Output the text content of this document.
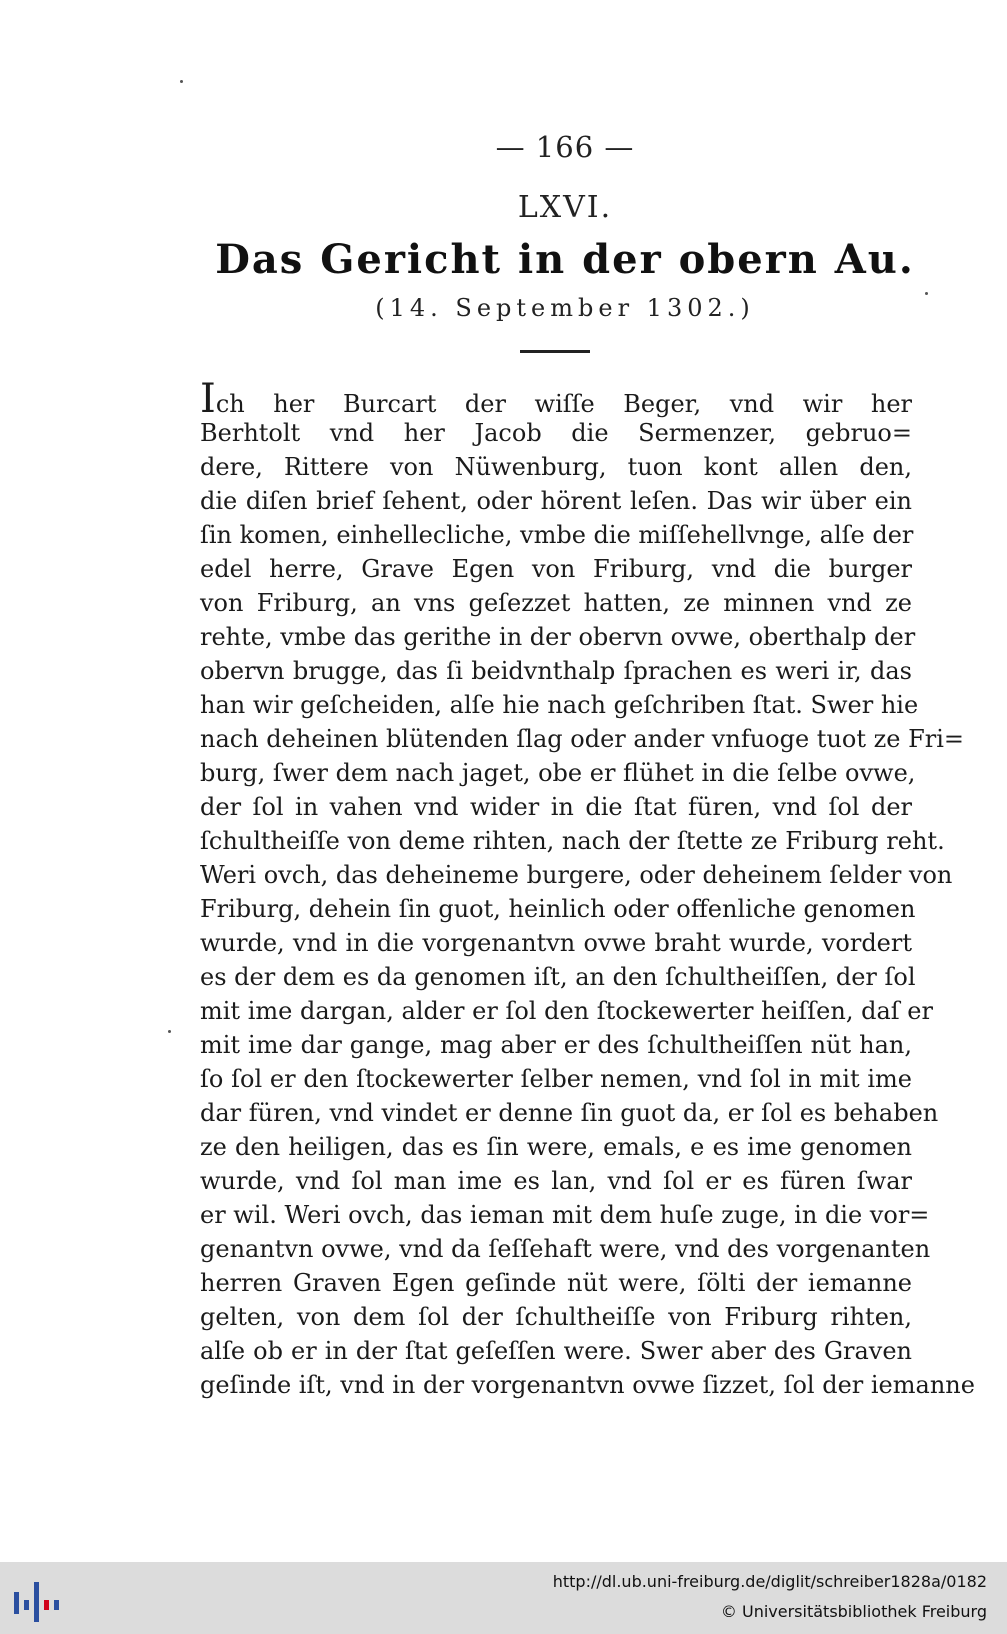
— 166 —
LXVI.
Das Gericht in der obern Au.
(14. September 1302.)
Ich her Burcart der wiſſe Beger, vnd wir her
Berhtolt vnd her Jacob die Sermenzer, gebruo=
dere, Rittere von Nüwenburg, tuon kont allen den,
die diſen brief ſehent, oder hörent leſen. Das wir über ein
ſin komen, einhellecliche, vmbe die miſſehellvnge, alſe der
edel herre, Grave Egen von Friburg, vnd die burger
von Friburg, an vns geſezzet hatten, ze minnen vnd ze
rehte, vmbe das gerithe in der obervn ovwe, oberthalp der
obervn brugge, das ſi beidvnthalp ſprachen es weri ir, das
han wir geſcheiden, alſe hie nach geſchriben ſtat. Swer hie
nach deheinen blütenden ſlag oder ander vnfuoge tuot ze Fri=
burg, ſwer dem nach jaget, obe er flühet in die ſelbe ovwe,
der ſol in vahen vnd wider in die ſtat füren, vnd ſol der
ſchultheiſſe von deme rihten, nach der ſtette ze Friburg reht.
Weri ovch, das deheineme burgere, oder deheinem ſelder von
Friburg, dehein ſin guot, heinlich oder offenliche genomen
wurde, vnd in die vorgenantvn ovwe braht wurde, vordert
es der dem es da genomen iſt, an den ſchultheiſſen, der ſol
mit ime dargan, alder er ſol den ſtockewerter heiſſen, daſ er
mit ime dar gange, mag aber er des ſchultheiſſen nüt han,
ſo ſol er den ſtockewerter ſelber nemen, vnd ſol in mit ime
dar füren, vnd vindet er denne ſin guot da, er ſol es behaben
ze den heiligen, das es ſin were, emals, e es ime genomen
wurde, vnd ſol man ime es lan, vnd ſol er es füren ſwar
er wil. Weri ovch, das ieman mit dem huſe zuge, in die vor=
genantvn ovwe, vnd da ſeſſehaft were, vnd des vorgenanten
herren Graven Egen geſinde nüt were, ſölti der iemanne
gelten, von dem ſol der ſchultheiſſe von Friburg rihten,
alſe ob er in der ſtat geſeſſen were. Swer aber des Graven
geſinde iſt, vnd in der vorgenantvn ovwe ſizzet, ſol der iemanne
http://dl.ub.uni-freiburg.de/diglit/schreiber1828a/0182
© Universitätsbibliothek Freiburg
